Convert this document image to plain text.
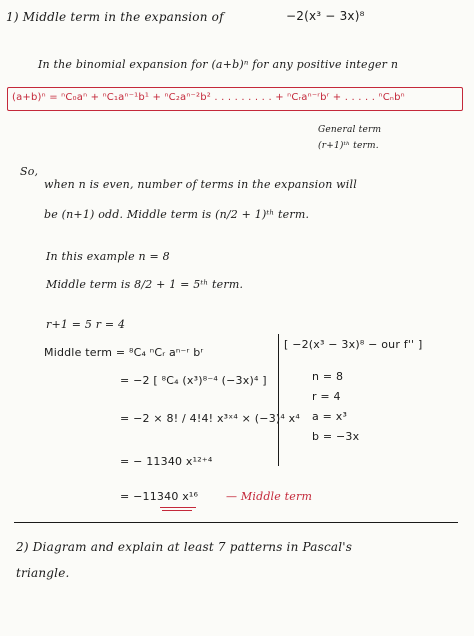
1) Middle term in the expansion of	−2(x³ − 3x)⁸
In the binomial expansion for (a+b)ⁿ for any positive integer n
(a+b)ⁿ = ⁿC₀aⁿ + ⁿC₁aⁿ⁻¹b¹ + ⁿC₂aⁿ⁻²b² . . . . . . . . . + ⁿCᵣaⁿ⁻ʳbʳ + . . . . . ⁿCₙbⁿ
General term
(r+1)ᵗʰ term.
So,
when n is even, number of terms in the expansion will
be (n+1) odd. Middle term is (n/2 + 1)ᵗʰ term.
In this example n = 8
Middle term is 8/2 + 1 = 5ᵗʰ term.
r+1 = 5 r = 4
Middle term = ⁸C₄ ⁿCᵣ aⁿ⁻ʳ bʳ
= −2 [ ⁸C₄ (x³)⁸⁻⁴ (−3x)⁴ ]
= −2 × 8! / 4!4! x³ˣ⁴ × (−3)⁴ x⁴
= − 11340 x¹²⁺⁴
= −11340 x¹⁶	— Middle term
[ −2(x³ − 3x)⁸ − our f'' ]
n = 8
r = 4
a = x³
b = −3x
2) Diagram and explain at least 7 patterns in Pascal's
triangle.
